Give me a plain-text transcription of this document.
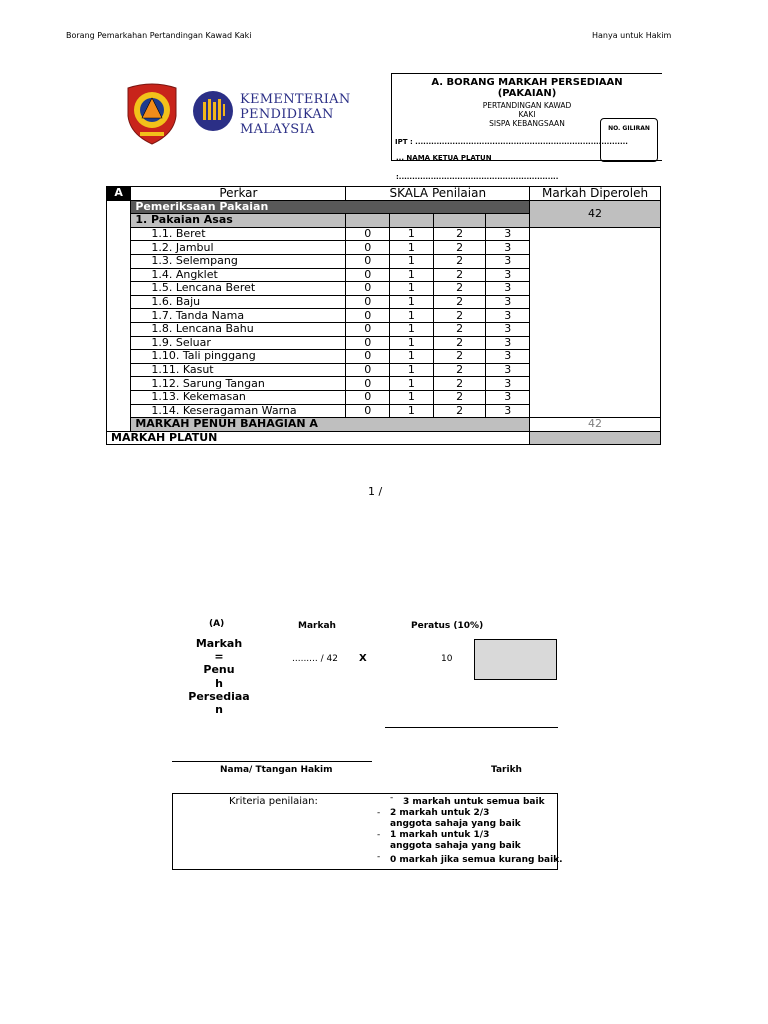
Borang Pemarkahan Pertandingan Kawad Kaki	Hanya untuk Hakim
KEMENTERIAN
PENDIDIKAN
MALAYSIA
A. BORANG MARKAH PERSEDIAAN
(PAKAIAN)
PERTANDINGAN KAWAD
KAKI
SISPA KEBANGSAAN
IPT : ................................................................................
NO. GILIRAN
... NAMA KETUA PLATUN
:............................................................
A	Perkar	SKALA Penilaian				Markah Diperoleh
	Pemeriksaan Pakaian					42
	1. Pakaian Asas					
	1.1. Beret	0	1	2	3	
	1.2. Jambul	0	1	2	3	
	1.3. Selempang	0	1	2	3	
	1.4. Angklet	0	1	2	3	
	1.5. Lencana Beret	0	1	2	3	
	1.6. Baju	0	1	2	3	
	1.7. Tanda Nama	0	1	2	3	
	1.8. Lencana Bahu	0	1	2	3	
	1.9. Seluar	0	1	2	3	
	1.10. Tali pinggang	0	1	2	3	
	1.11. Kasut	0	1	2	3	
	1.12. Sarung Tangan	0	1	2	3	
	1.13. Kekemasan	0	1	2	3	
	1.14. Keseragaman Warna	0	1	2	3	
	MARKAH PENUH BAHAGIAN A					42
MARKAH PLATUN						
1 /
(A)	Markah	Peratus (10%)
Markah
=
Penu
h
Persediaa
n
......... / 42 X	10
Nama/ Ttangan Hakim	Tarikh
Kriteria penilaian:	- 3 markah untuk semua baik
- 2 markah untuk 2/3
anggota sahaja yang baik
- 1 markah untuk 1/3
anggota sahaja yang baik
- 0 markah jika semua kurang baik.
